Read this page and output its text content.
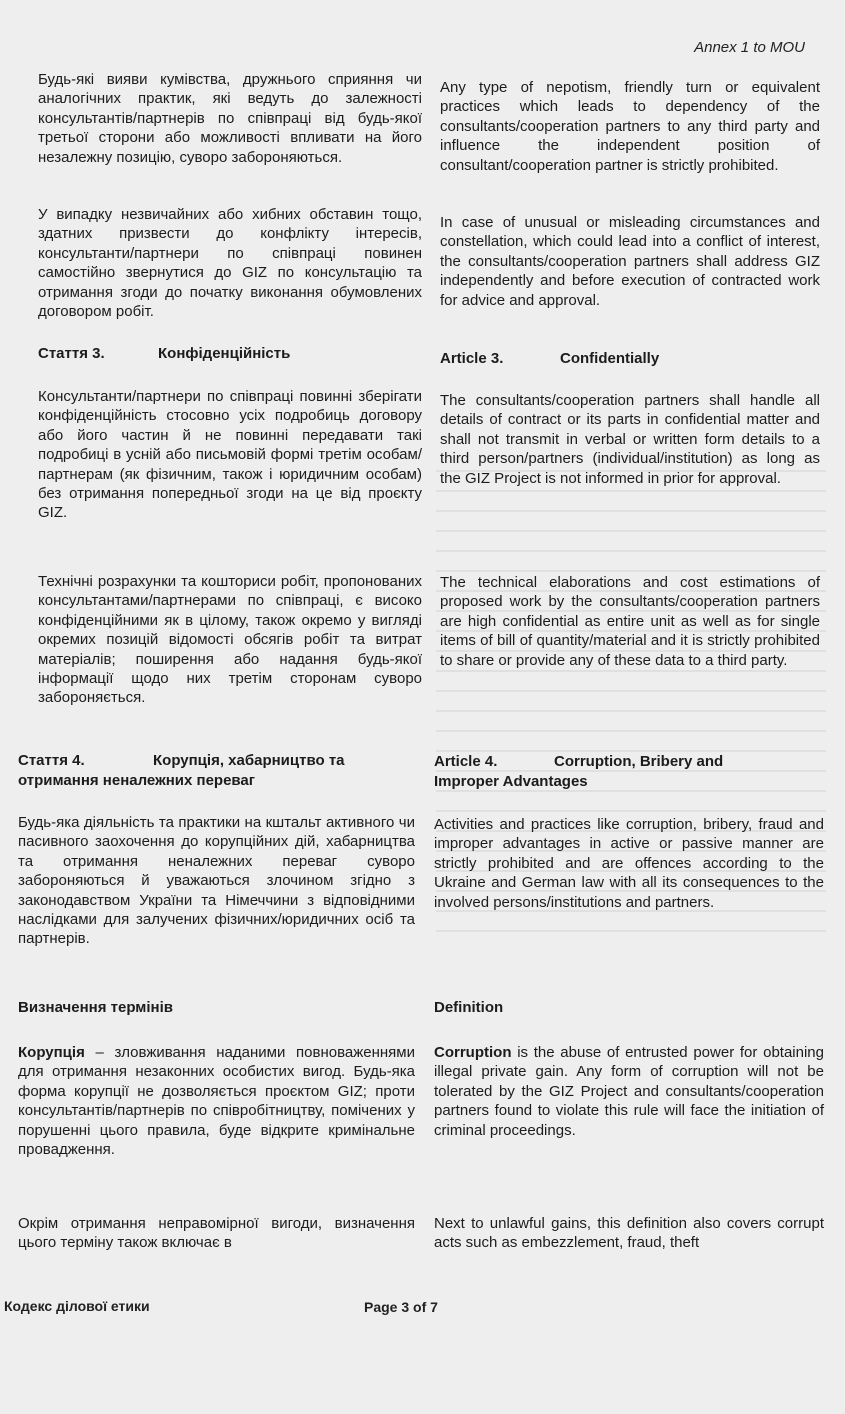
Annex 1 to MOU

Будь-які вияви кумівства, дружнього сприяння чи аналогічних практик, які ведуть до залежності консультантів/партнерів по співпраці від будь-якої третьої сторони або можливості впливати на його незалежну позицію, суворо забороняються.

У випадку незвичайних або хибних обставин тощо, здатних призвести до конфлікту інтересів, консультанти/партнери по співпраці повинен самостійно звернутися до GIZ по консультацію та отримання згоди до початку виконання обумовлених договором робіт.

Стаття 3.	Конфіденційність

Консультанти/партнери по співпраці повинні зберігати конфіденційність стосовно усіх подробиць договору або його частин й не повинні передавати такі подробиці в усній або письмовій формі третім особам/партнерам (як фізичним, також і юридичним особам) без отримання попередньої згоди на це від проєкту GIZ.

Технічні розрахунки та кошториси робіт, пропонованих консультантами/партнерами по співпраці, є високо конфіденційними як в цілому, також окремо у вигляді окремих позицій відомості обсягів робіт та витрат матеріалів; поширення або надання будь-якої інформації щодо них третім сторонам суворо забороняється.

Стаття 4.	Корупція, хабарництво та отримання неналежних переваг

Будь-яка діяльність та практики на кштальт активного чи пасивного заохочення до корупційних дій, хабарництва та отримання неналежних переваг суворо забороняються й уважаються злочином згідно з законодавством України та Німеччини з відповідними наслідками для залучених фізичних/юридичних осіб та партнерів.

Визначення термінів

Корупція – зловживання наданими повноваженнями для отримання незаконних особистих вигод. Будь-яка форма корупції не дозволяється проєктом GIZ; проти консультантів/партнерів по співробітництву, помічених у порушенні цього правила, буде відкрите кримінальне провадження.

Окрім отримання неправомірної вигоди, визначення цього терміну також включає в

Any type of nepotism, friendly turn or equivalent practices which leads to dependency of the consultants/cooperation partners to any third party and influence the independent position of consultant/cooperation partner is strictly prohibited.

In case of unusual or misleading circumstances and constellation, which could lead into a conflict of interest, the consultants/cooperation partners shall address GIZ independently and before execution of contracted work for advice and approval.

Article 3.	Confidentially

The consultants/cooperation partners shall handle all details of contract or its parts in confidential matter and shall not transmit in verbal or written form details to a third person/partners (individual/institution) as long as the GIZ Project is not informed in prior for approval.

The technical elaborations and cost estimations of proposed work by the consultants/cooperation partners are high confidential as entire unit as well as for single items of bill of quantity/material and it is strictly prohibited to share or provide any of these data to a third party.

Article 4.	Corruption, Bribery and Improper Advantages

Activities and practices like corruption, bribery, fraud and improper advantages in active or passive manner are strictly prohibited and are offences according to the Ukraine and German law with all its consequences to the involved persons/institutions and partners.

Definition

Corruption is the abuse of entrusted power for obtaining illegal private gain. Any form of corruption will not be tolerated by the GIZ Project and consultants/cooperation partners found to violate this rule will face the initiation of criminal proceedings.

Next to unlawful gains, this definition also covers corrupt acts such as embezzlement, fraud, theft

Кодекс ділової етики	Page 3 of 7
